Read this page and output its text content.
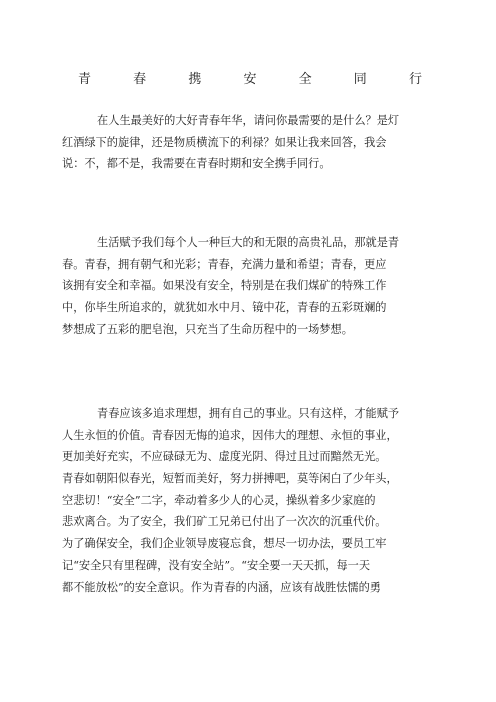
青	春	携	安	全	同	行
在人生最美好的大好青春年华，请问你最需要的是什么？是灯
红酒绿下的旋律，还是物质横流下的利禄？如果让我来回答，我会
说：不，都不是，我需要在青春时期和安全携手同行。
生活赋予我们每个人一种巨大的和无限的高贵礼品，那就是青
春。青春，拥有朝气和光彩；青春，充满力量和希望；青春，更应
该拥有安全和幸福。如果没有安全，特别是在我们煤矿的特殊工作
中，你毕生所追求的，就犹如水中月、镜中花，青春的五彩斑斓的
梦想成了五彩的肥皂泡，只充当了生命历程中的一场梦想。
青春应该多追求理想，拥有自己的事业。只有这样，才能赋予
人生永恒的价值。青春因无悔的追求，因伟大的理想、永恒的事业，
更加美好充实，不应碌碌无为、虚度光阴、得过且过而黯然无光。
青春如朝阳似春光，短暂而美好，努力拼搏吧，莫等闲白了少年头，
空悲切！“安全”二字，牵动着多少人的心灵，操纵着多少家庭的
悲欢离合。为了安全，我们矿工兄弟已付出了一次次的沉重代价。
为了确保安全，我们企业领导废寝忘食，想尽一切办法，要员工牢
记“安全只有里程碑，没有安全站”。“安全要一天天抓，每一天
都不能放松”的安全意识。作为青春的内涵，应该有战胜怯懦的勇
